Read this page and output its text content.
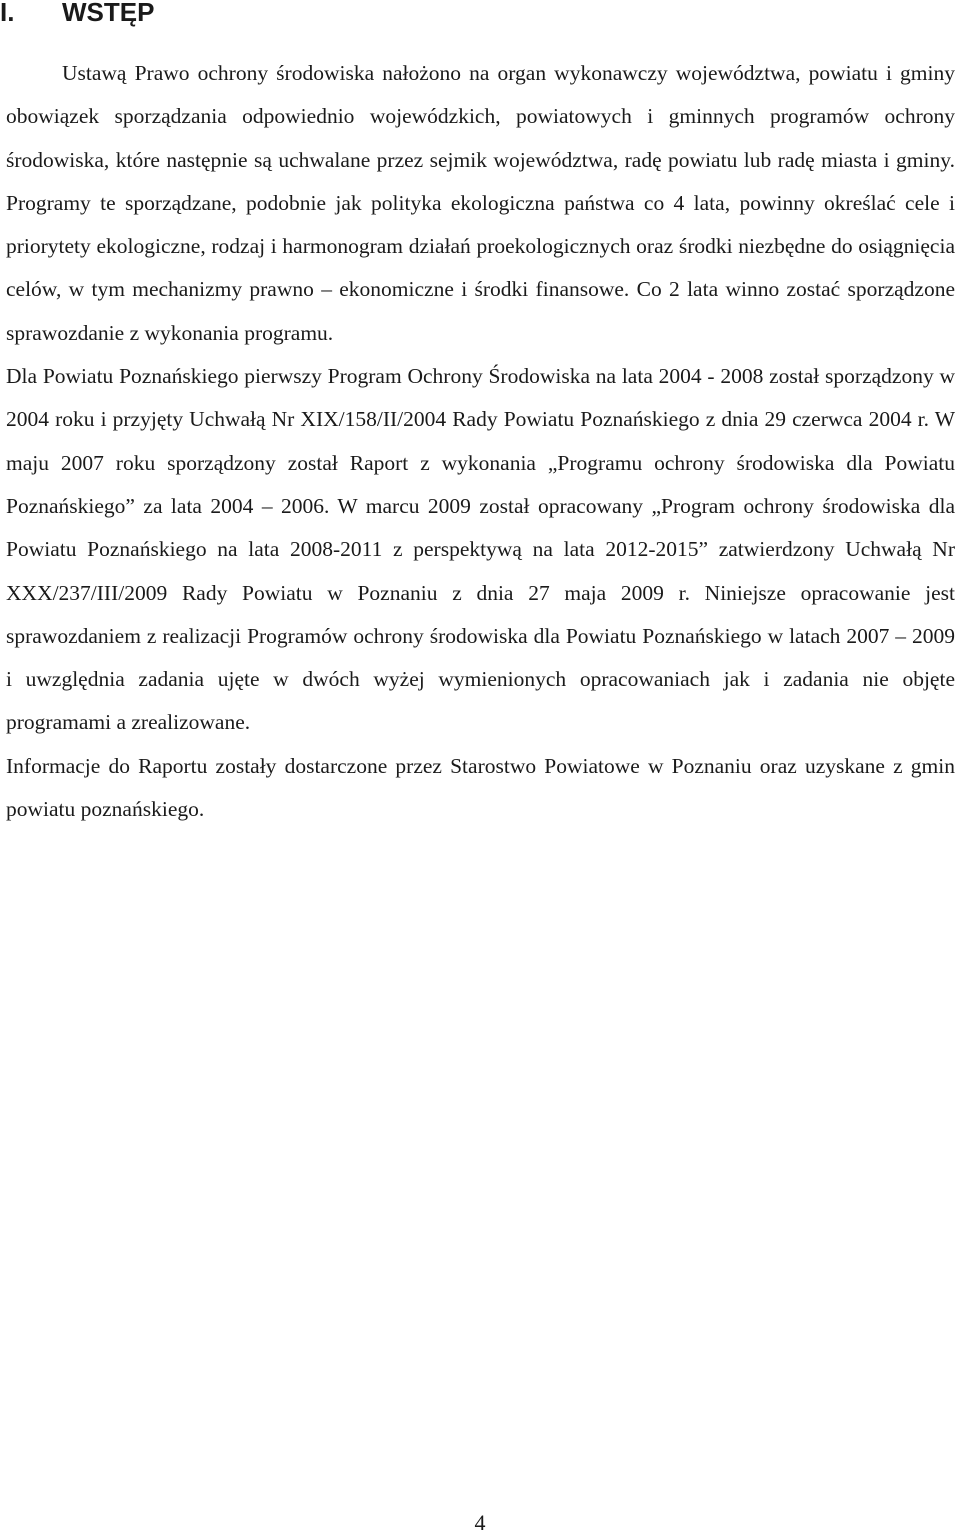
I. WSTĘP

Ustawą Prawo ochrony środowiska nałożono na organ wykonawczy województwa, powiatu i gminy obowiązek sporządzania odpowiednio wojewódzkich, powiatowych i gminnych programów ochrony środowiska, które następnie są uchwalane przez sejmik województwa, radę powiatu lub radę miasta i gminy. Programy te sporządzane, podobnie jak polityka ekologiczna państwa co 4 lata, powinny określać cele i priorytety ekologiczne, rodzaj i harmonogram działań proekologicznych oraz środki niezbędne do osiągnięcia celów, w tym mechanizmy prawno – ekonomiczne i środki finansowe. Co 2 lata winno zostać sporządzone sprawozdanie z wykonania programu.

Dla Powiatu Poznańskiego pierwszy Program Ochrony Środowiska na lata 2004 - 2008 został sporządzony w 2004 roku i przyjęty Uchwałą Nr XIX/158/II/2004 Rady Powiatu Poznańskiego z dnia 29 czerwca 2004 r. W maju 2007 roku sporządzony został Raport z wykonania „Programu ochrony środowiska dla Powiatu Poznańskiego” za lata 2004 – 2006. W marcu 2009 został opracowany „Program ochrony środowiska dla Powiatu Poznańskiego na lata 2008-2011 z perspektywą na lata 2012-2015” zatwierdzony Uchwałą Nr XXX/237/III/2009 Rady Powiatu w Poznaniu z dnia 27 maja 2009 r. Niniejsze opracowanie jest sprawozdaniem z realizacji Programów ochrony środowiska dla Powiatu Poznańskiego w latach 2007 – 2009 i uwzględnia zadania ujęte w dwóch wyżej wymienionych opracowaniach jak i zadania nie objęte programami a zrealizowane.

Informacje do Raportu zostały dostarczone przez Starostwo Powiatowe w Poznaniu oraz uzyskane z gmin powiatu poznańskiego.

4
